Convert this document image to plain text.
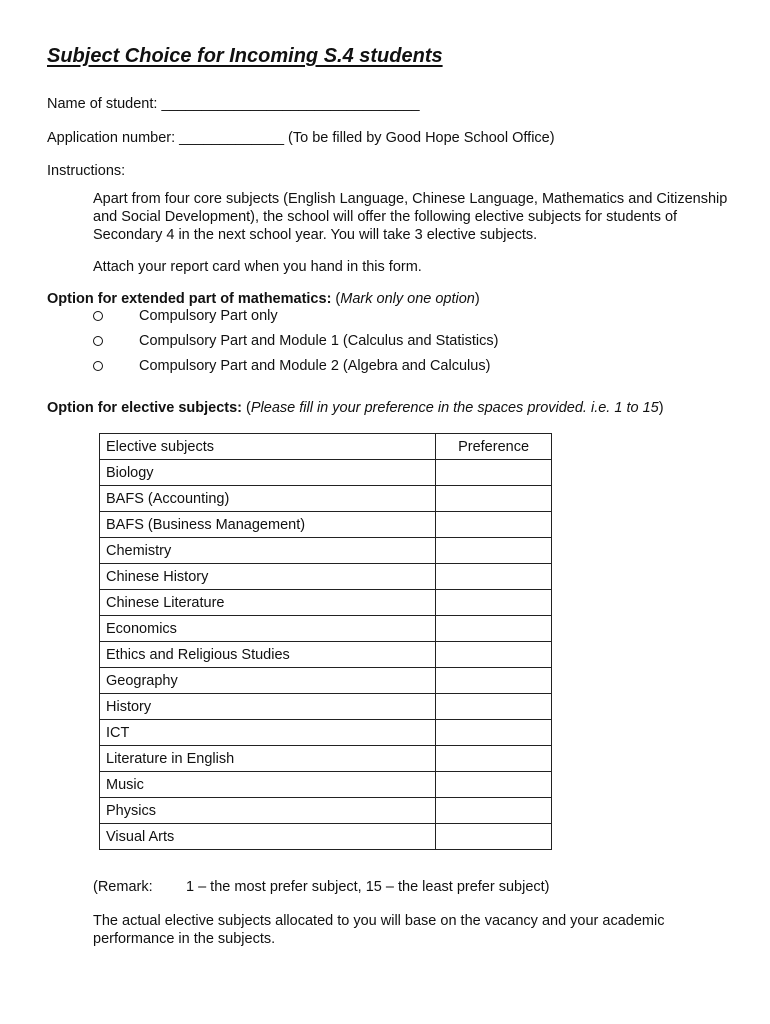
Subject Choice for Incoming S.4 students
Name of student: ________________________________
Application number: _____________ (To be filled by Good Hope School Office)
Instructions:
Apart from four core subjects (English Language, Chinese Language, Mathematics and Citizenship and Social Development), the school will offer the following elective subjects for students of Secondary 4 in the next school year. You will take 3 elective subjects.
Attach your report card when you hand in this form.
Option for extended part of mathematics: (Mark only one option)
Compulsory Part only
Compulsory Part and Module 1 (Calculus and Statistics)
Compulsory Part and Module 2 (Algebra and Calculus)
Option for elective subjects: (Please fill in your preference in the spaces provided. i.e. 1 to 15)
Elective subjects	Preference
Biology	
BAFS (Accounting)	
BAFS (Business Management)	
Chemistry	
Chinese History	
Chinese Literature	
Economics	
Ethics and Religious Studies	
Geography	
History	
ICT	
Literature in English	
Music	
Physics	
Visual Arts	
(Remark: 1 – the most prefer subject, 15 – the least prefer subject)
The actual elective subjects allocated to you will base on the vacancy and your academic performance in the subjects.
